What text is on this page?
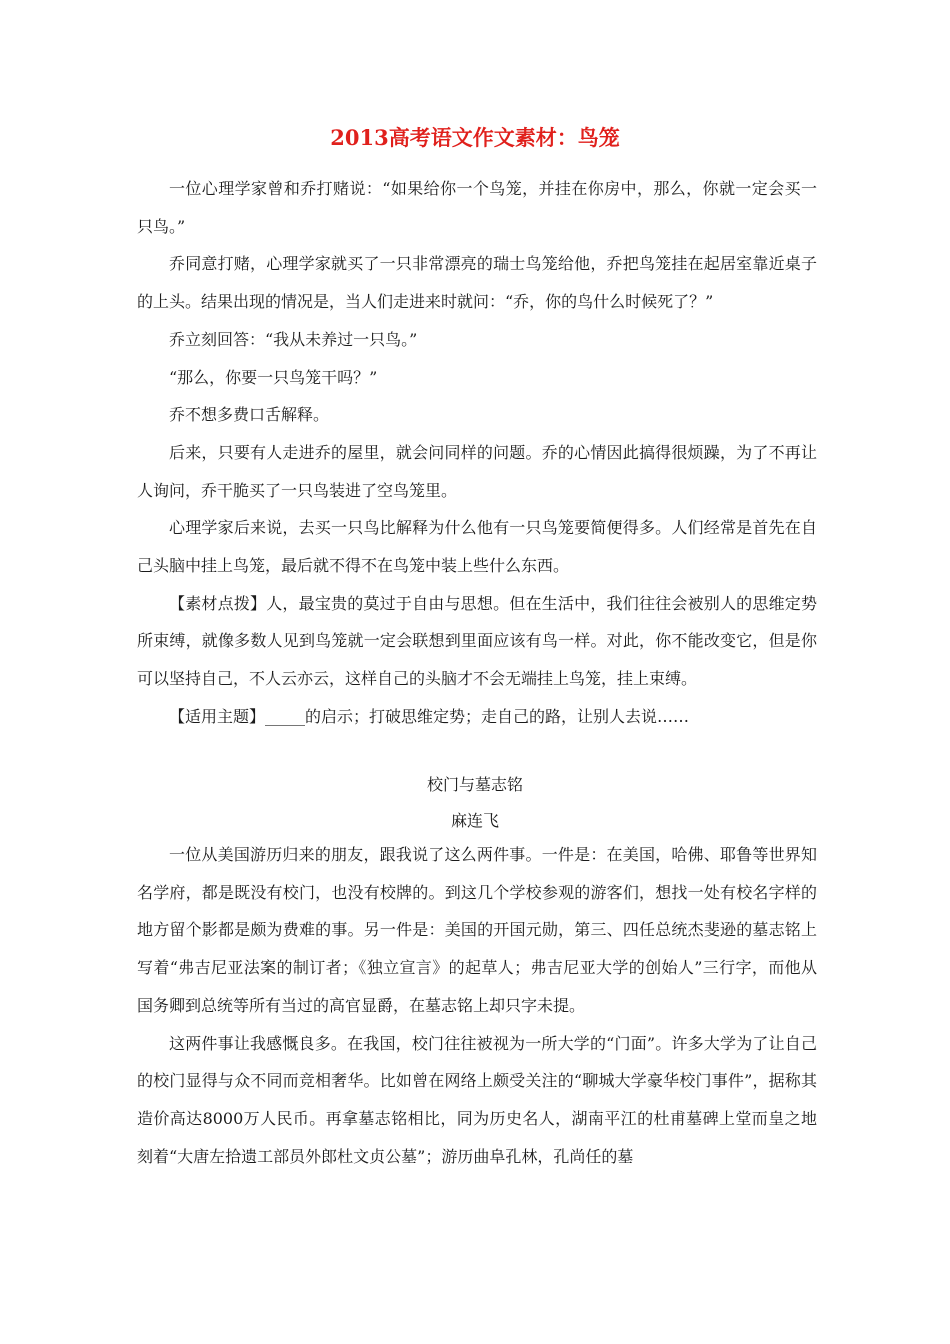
2013高考语文作文素材：鸟笼

一位心理学家曾和乔打赌说：“如果给你一个鸟笼，并挂在你房中，那么，你就一定会买一只鸟。”

乔同意打赌，心理学家就买了一只非常漂亮的瑞士鸟笼给他，乔把鸟笼挂在起居室靠近桌子的上头。结果出现的情况是，当人们走进来时就问：“乔，你的鸟什么时候死了？”

乔立刻回答：“我从未养过一只鸟。”

“那么，你要一只鸟笼干吗？”

乔不想多费口舌解释。

后来，只要有人走进乔的屋里，就会问同样的问题。乔的心情因此搞得很烦躁，为了不再让人询问，乔干脆买了一只鸟装进了空鸟笼里。

心理学家后来说，去买一只鸟比解释为什么他有一只鸟笼要简便得多。人们经常是首先在自己头脑中挂上鸟笼，最后就不得不在鸟笼中装上些什么东西。

【素材点拨】人，最宝贵的莫过于自由与思想。但在生活中，我们往往会被别人的思维定势所束缚，就像多数人见到鸟笼就一定会联想到里面应该有鸟一样。对此，你不能改变它，但是你可以坚持自己，不人云亦云，这样自己的头脑才不会无端挂上鸟笼，挂上束缚。

【适用主题】_____的启示；打破思维定势；走自己的路，让别人去说……

校门与墓志铭

麻连飞

一位从美国游历归来的朋友，跟我说了这么两件事。一件是：在美国，哈佛、耶鲁等世界知名学府，都是既没有校门，也没有校牌的。到这几个学校参观的游客们，想找一处有校名字样的地方留个影都是颇为费难的事。另一件是：美国的开国元勋，第三、四任总统杰斐逊的墓志铭上写着“弗吉尼亚法案的制订者；《独立宣言》的起草人；弗吉尼亚大学的创始人”三行字，而他从国务卿到总统等所有当过的高官显爵，在墓志铭上却只字未提。

这两件事让我感慨良多。在我国，校门往往被视为一所大学的“门面”。许多大学为了让自己的校门显得与众不同而竞相奢华。比如曾在网络上颇受关注的“聊城大学豪华校门事件”，据称其造价高达8000万人民币。再拿墓志铭相比，同为历史名人，湖南平江的杜甫墓碑上堂而皇之地刻着“大唐左拾遗工部员外郎杜文贞公墓”；游历曲阜孔林，孔尚任的墓
